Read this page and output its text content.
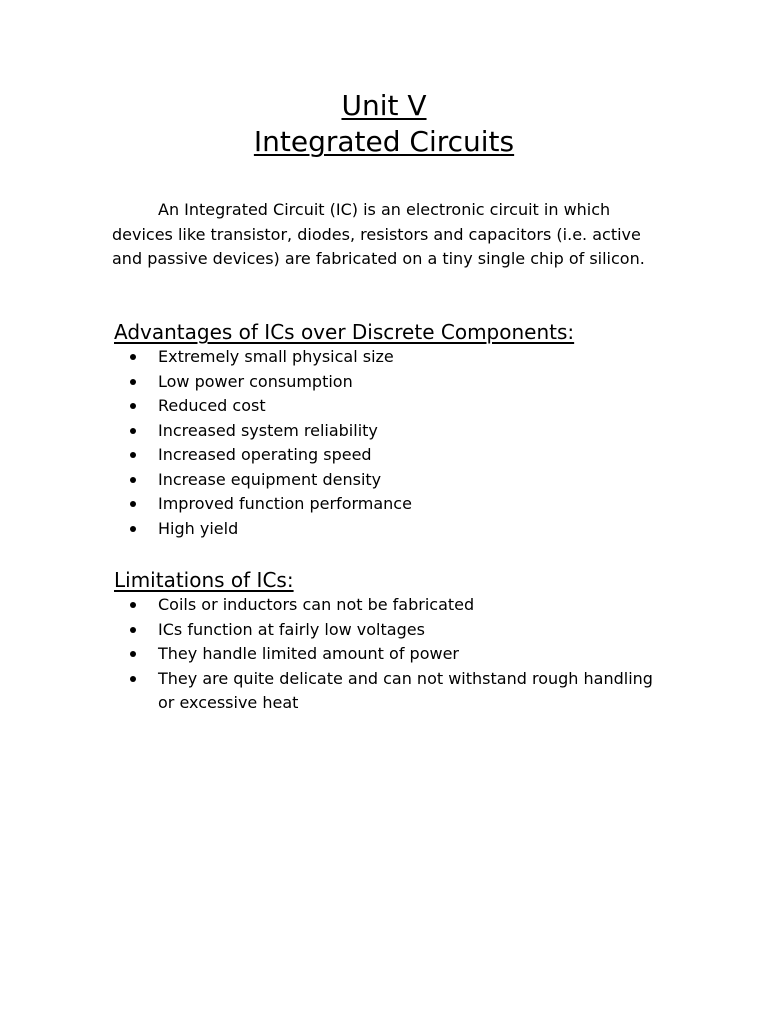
Unit V
Integrated Circuits

An Integrated Circuit (IC) is an electronic circuit in which devices like transistor, diodes, resistors and capacitors (i.e. active and passive devices) are fabricated on a tiny single chip of silicon.

Advantages of ICs over Discrete Components:
Extremely small physical size
Low power consumption
Reduced cost
Increased system reliability
Increased operating speed
Increase equipment density
Improved function performance
High yield
Limitations of ICs:
Coils or inductors can not be fabricated
ICs function at fairly low voltages
They handle limited amount of power
They are quite delicate and can not withstand rough handling or excessive heat
